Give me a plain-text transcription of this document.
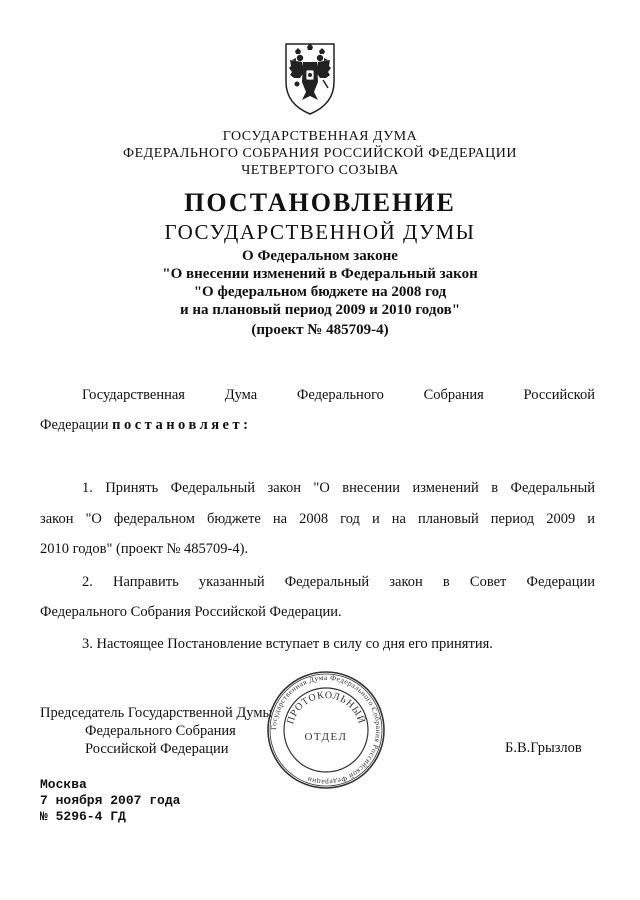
ГОСУДАРСТВЕННАЯ ДУМА
ФЕДЕРАЛЬНОГО СОБРАНИЯ РОССИЙСКОЙ ФЕДЕРАЦИИ
ЧЕТВЕРТОГО СОЗЫВА
ПОСТАНОВЛЕНИЕ
ГОСУДАРСТВЕННОЙ ДУМЫ
О Федеральном законе
"О внесении изменений в Федеральный закон
"О федеральном бюджете на 2008 год
и на плановый период 2009 и 2010 годов"
(проект № 485709-4)
Государственная Дума Федерального Собрания Российской
Федерации постановляет:
1. Принять Федеральный закон "О внесении изменений в Федеральный
закон "О федеральном бюджете на 2008 год и на плановый период 2009 и
2010 годов" (проект № 485709-4).
2. Направить указанный Федеральный закон в Совет Федерации
Федерального Собрания Российской Федерации.
3. Настоящее Постановление вступает в силу со дня его принятия.
Председатель Государственной Думы
Федерального Собрания
Российской Федерации	Б.В.Грызлов
Государственная Дума Федерального Собрания Российской Федерации
ПРОТОКОЛЬНЫЙ
ОТДЕЛ
Москва
7 ноября 2007 года
№ 5296-4 ГД
